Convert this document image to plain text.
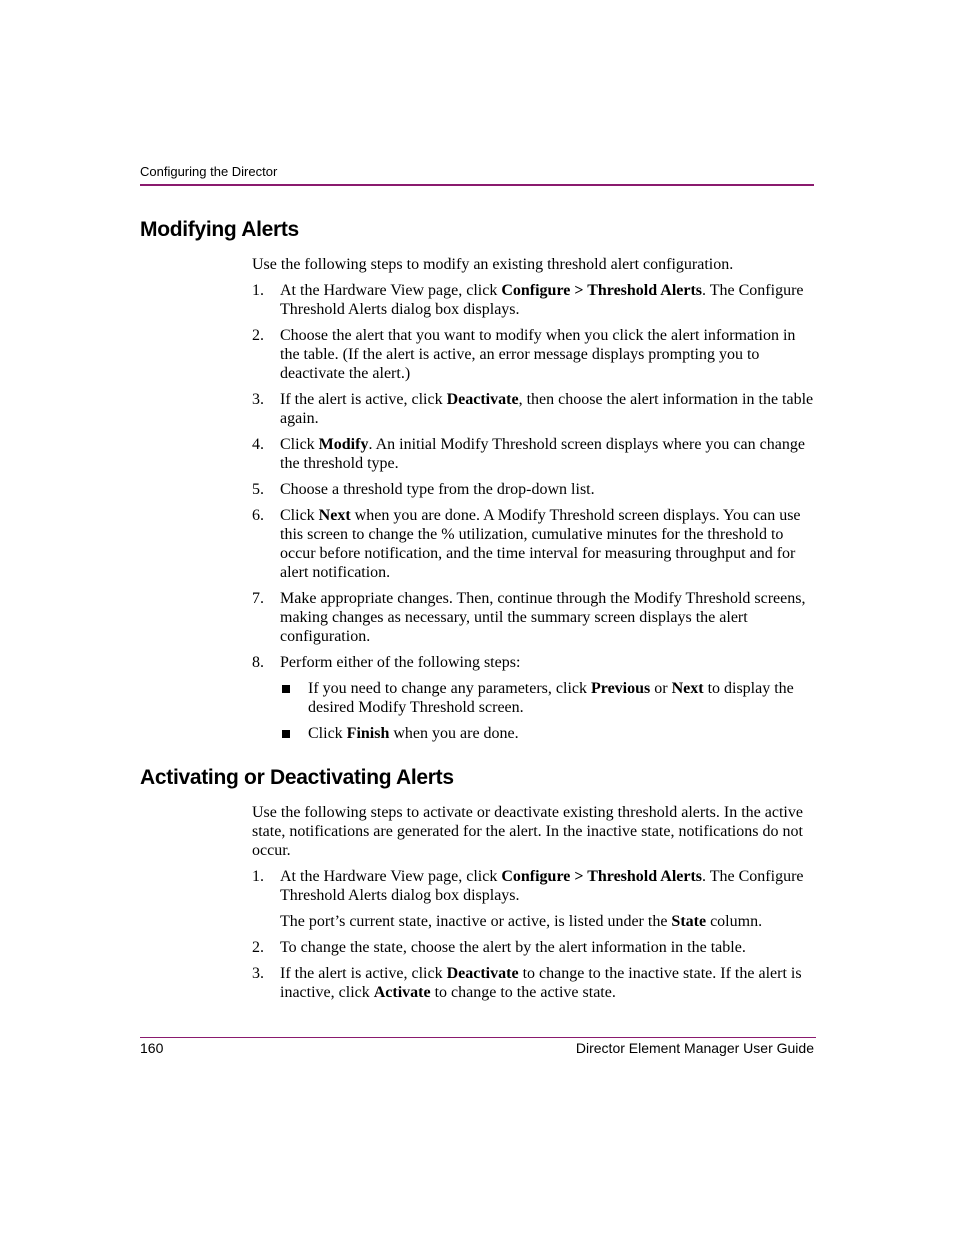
Configuring the Director
Modifying Alerts

Use the following steps to modify an existing threshold alert configuration.

1. At the Hardware View page, click Configure > Threshold Alerts. The Configure Threshold Alerts dialog box displays.

2. Choose the alert that you want to modify when you click the alert information in the table. (If the alert is active, an error message displays prompting you to deactivate the alert.)

3. If the alert is active, click Deactivate, then choose the alert information in the table again.

4. Click Modify. An initial Modify Threshold screen displays where you can change the threshold type.

5. Choose a threshold type from the drop-down list.

6. Click Next when you are done. A Modify Threshold screen displays. You can use this screen to change the % utilization, cumulative minutes for the threshold to occur before notification, and the time interval for measuring throughput and for alert notification.

7. Make appropriate changes. Then, continue through the Modify Threshold screens, making changes as necessary, until the summary screen displays the alert configuration.

8. Perform either of the following steps:

If you need to change any parameters, click Previous or Next to display the desired Modify Threshold screen.

Click Finish when you are done.

Activating or Deactivating Alerts

Use the following steps to activate or deactivate existing threshold alerts. In the active state, notifications are generated for the alert. In the inactive state, notifications do not occur.

1. At the Hardware View page, click Configure > Threshold Alerts. The Configure Threshold Alerts dialog box displays.

The port’s current state, inactive or active, is listed under the State column.

2. To change the state, choose the alert by the alert information in the table.

3. If the alert is active, click Deactivate to change to the inactive state. If the alert is inactive, click Activate to change to the active state.

160	Director Element Manager User Guide
